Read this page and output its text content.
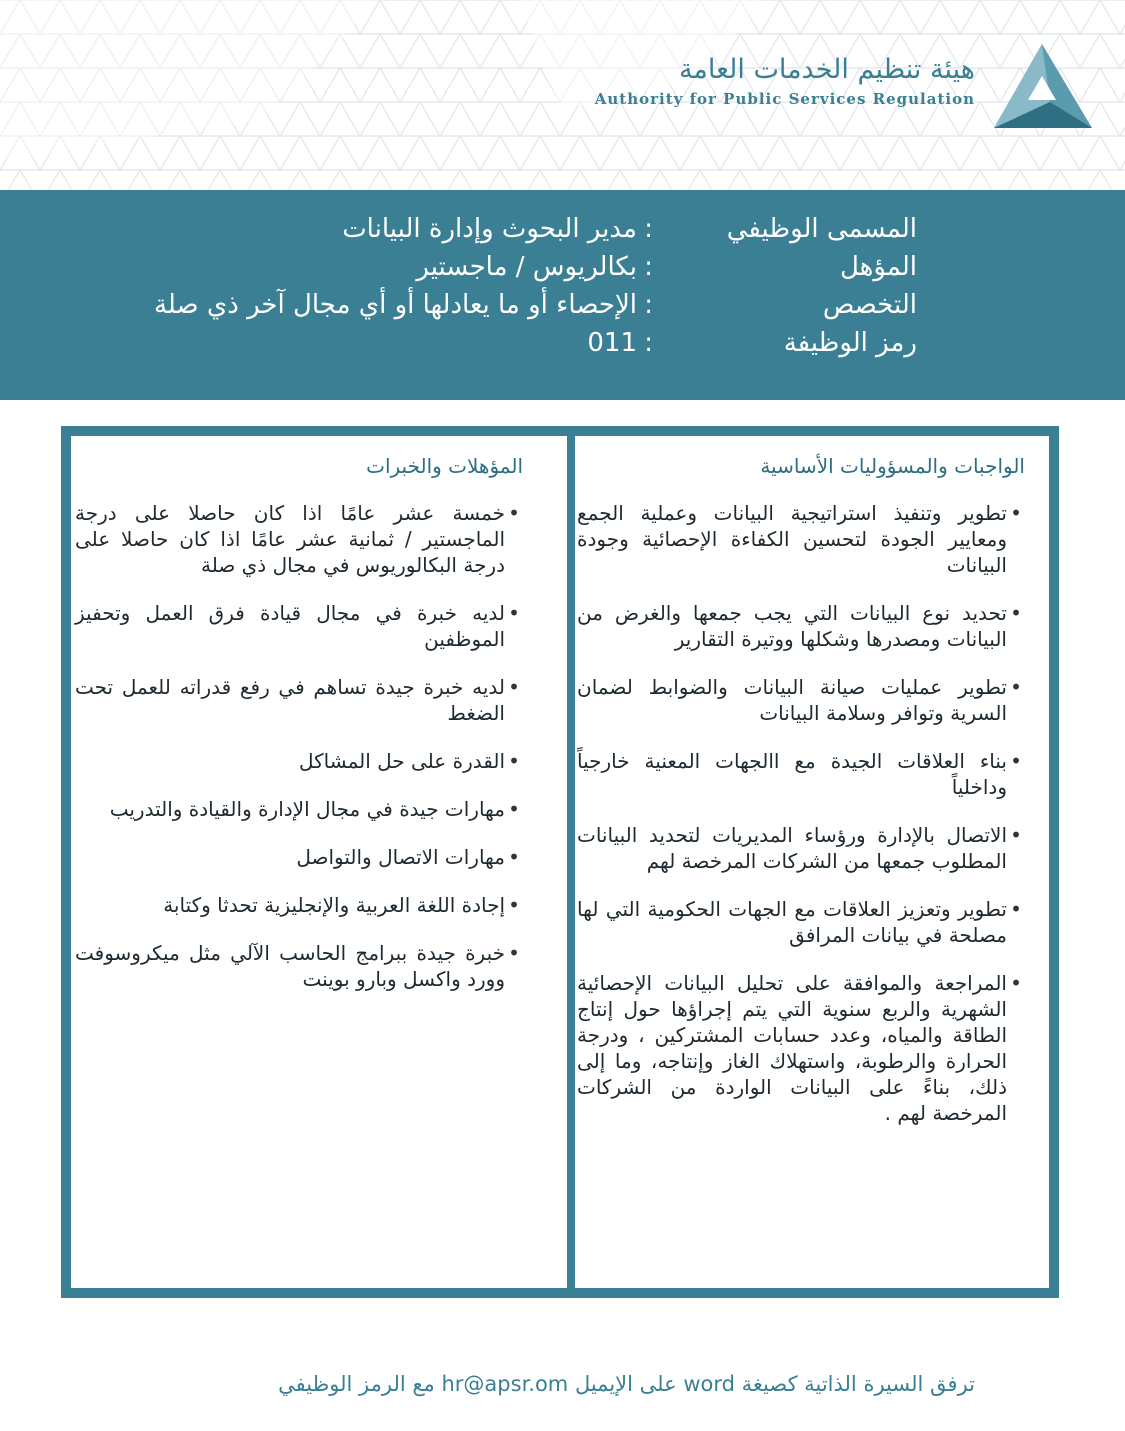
هيئة تنظيم الخدمات العامة
Authority for Public Services Regulation
المسمى الوظيفي
:
مدير البحوث وإدارة البيانات
المؤهل
:
بكالريوس / ماجستير
التخصص
:
الإحصاء أو ما يعادلها أو أي مجال آخر ذي صلة
رمز الوظيفة
:
011
الواجبات والمسؤوليات الأساسية
•
تطوير وتنفيذ استراتيجية البيانات وعملية الجمع ومعايير الجودة لتحسين الكفاءة الإحصائية وجودة البيانات
•
تحديد نوع البيانات التي يجب جمعها والغرض من البيانات ومصدرها وشكلها ووتيرة التقارير
•
تطوير عمليات صيانة البيانات والضوابط لضمان السرية وتوافر وسلامة البيانات
•
بناء العلاقات الجيدة مع االجهات المعنية خارجياً وداخلياً
•
الاتصال بالإدارة ورؤساء المديريات لتحديد البيانات المطلوب جمعها من الشركات المرخصة لهم
•
تطوير وتعزيز العلاقات مع الجهات الحكومية التي لها مصلحة في بيانات المرافق
•
المراجعة والموافقة على تحليل البيانات الإحصائية الشهرية والربع سنوية التي يتم إجراؤها حول إنتاج الطاقة والمياه، وعدد حسابات المشتركين ، ودرجة الحرارة والرطوبة، واستهلاك الغاز وإنتاجه، وما إلى ذلك، بناءً على البيانات الواردة من الشركات المرخصة لهم .
المؤهلات والخبرات
•
خمسة عشر عامًا اذا كان حاصلا على درجة الماجستير / ثمانية عشر عامًا اذا كان حاصلا على درجة البكالوريوس في مجال ذي صلة
•
لديه خبرة في مجال قيادة فرق العمل وتحفيز الموظفين
•
لديه خبرة جيدة تساهم في رفع قدراته للعمل تحت الضغط
•
القدرة على حل المشاكل
•
مهارات جيدة في مجال الإدارة والقيادة والتدريب
•
مهارات الاتصال والتواصل
•
إجادة اللغة العربية والإنجليزية تحدثا وكتابة
•
خبرة جيدة ببرامج الحاسب الآلي مثل ميكروسوفت وورد واكسل وبارو بوينت
ترفق السيرة الذاتية كصيغة word على الإيميل hr@apsr.om مع الرمز الوظيفي
